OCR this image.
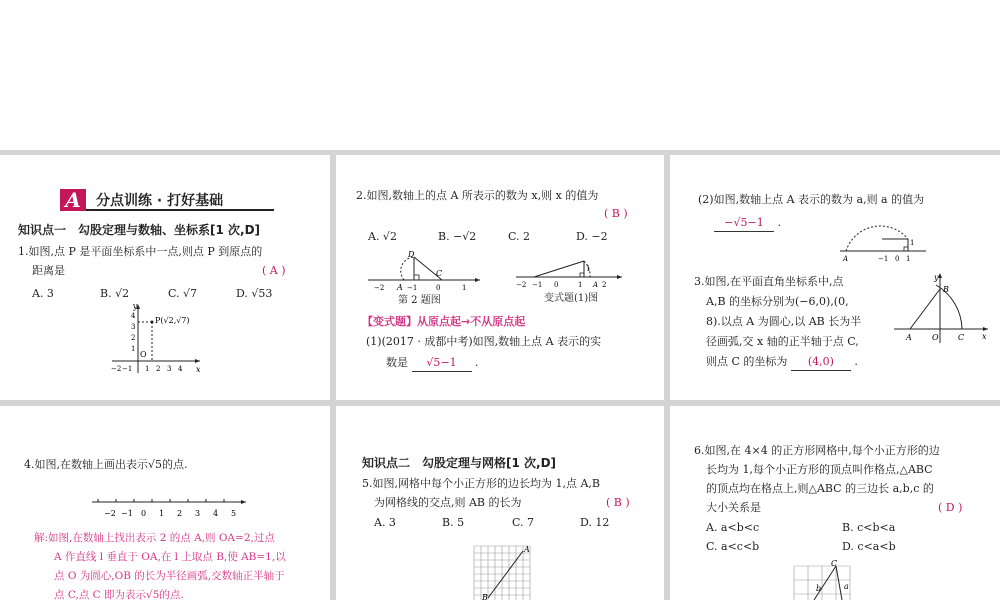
A	分点训练 · 打好基础
知识点一　勾股定理与数轴、坐标系[1 次,D]
1.如图,点 P 是平面坐标系中一点,则点 P 到原点的
距离是	( A )
A. 3	B. √2	C. √7	D. √53
y
x
P(√2,√7)
O
4
3
2
1
−2 −1 1 2 3 4
2.如图,数轴上的点 A 所表示的数为 x,则 x 的值为
( B )
A. √2	B. −√2	C. 2	D. −2
D
C
A
−2	−1	0	1
第 2 题图
1
A
−2 −1 0	1	2
变式题(1)图
【变式题】从原点起→不从原点起
(1)(2017 · 成都中考)如图,数轴上点 A 表示的实
数是 √5−1 .
(2)如图,数轴上点 A 表示的数为 a,则 a 的值为
−√5−1 .
1
A	−1 0 1
3.如图,在平面直角坐标系中,点
A,B 的坐标分别为(−6,0),(0,
8).以点 A 为圆心,以 AB 长为半
径画弧,交 x 轴的正半轴于点 C,
则点 C 的坐标为 (4,0) .
y
B
A	O C x
4.如图,在数轴上画出表示√5的点.
−2 −1 0 1 2 3 4 5
解:如图,在数轴上找出表示 2 的点 A,则 OA=2,过点
A 作直线 l 垂直于 OA,在 l 上取点 B,使 AB=1,以
点 O 为圆心,OB 的长为半径画弧,交数轴正半轴于
点 C,点 C 即为表示√5的点.
知识点二　勾股定理与网格[1 次,D]
5.如图,网格中每个小正方形的边长均为 1,点 A,B
为网格线的交点,则 AB 的长为	( B )
A. 3	B. 5	C. 7	D. 12
A
B
6.如图,在 4×4 的正方形网格中,每个小正方形的边
长均为 1,每个小正方形的顶点叫作格点,△ABC
的顶点均在格点上,则△ABC 的三边长 a,b,c 的
大小关系是	( D )
A. a<b<c	B. c<b<a
C. a<c<b	D. c<a<b
C
b	a
